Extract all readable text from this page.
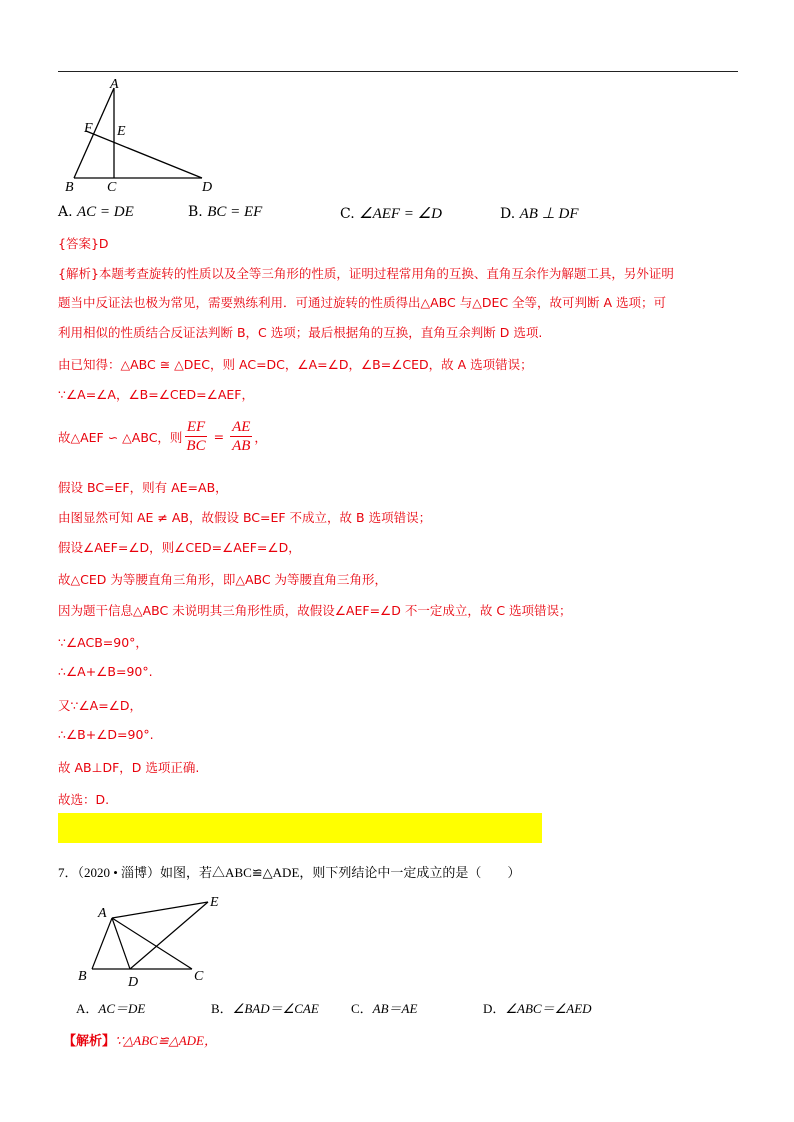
A
F E
B C	D
A. AC = DE	B. BC = EF	C. ∠AEF = ∠D	D. AB ⊥ DF
{答案}D
{解析}本题考查旋转的性质以及全等三角形的性质，证明过程常用角的互换、直角互余作为解题工具，另外证明
题当中反证法也极为常见，需要熟练利用．可通过旋转的性质得出△ABC 与△DEC 全等，故可判断 A 选项；可
利用相似的性质结合反证法判断 B，C 选项；最后根据角的互换，直角互余判断 D 选项.
由已知得：△ABC ≅ △DEC，则 AC=DC，∠A=∠D，∠B=∠CED，故 A 选项错误；
∵∠A=∠A，∠B=∠CED=∠AEF，
故△AEF ∽ △ABC，则 $\frac{EF}{BC} = \frac{AE}{AB}$ ，
假设 BC=EF，则有 AE=AB，
由图显然可知 AE ≠ AB，故假设 BC=EF 不成立，故 B 选项错误；
假设∠AEF=∠D，则∠CED=∠AEF=∠D，
故△CED 为等腰直角三角形，即△ABC 为等腰直角三角形，
因为题干信息△ABC 未说明其三角形性质，故假设∠AEF=∠D 不一定成立，故 C 选项错误；
∵∠ACB=90°，
∴∠A+∠B=90°.
又∵∠A=∠D，
∴∠B+∠D=90°.
故 AB⊥DF，D 选项正确.
故选：D.
7．（2020 • 淄博）如图，若△ABC≌△ADE，则下列结论中一定成立的是（　　）
A
E
B	D	C
A．AC＝DE	B．∠BAD＝∠CAE C．AB＝AE	D．∠ABC＝∠AED
【解析】∵△ABC≌△ADE，
